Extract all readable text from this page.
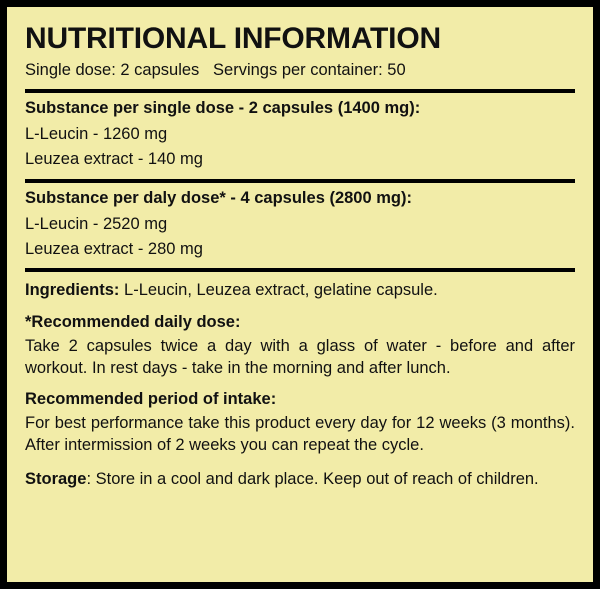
NUTRITIONAL INFORMATION
Single dose: 2 capsules   Servings per container: 50
Substance per single dose - 2 capsules (1400 mg):
L-Leucin - 1260 mg
Leuzea extract - 140 mg
Substance per daly dose* - 4 capsules (2800 mg):
L-Leucin - 2520 mg
Leuzea extract - 280 mg
Ingredients: L-Leucin, Leuzea extract, gelatine capsule.
*Recommended daily dose:
Take 2 capsules twice a day with a glass of water - before and after workout. In rest days - take in the morning and after lunch.
Recommended period of intake:
For best performance take this product every day for 12 weeks (3 months). After intermission of 2 weeks you can repeat the cycle.
Storage: Store in a cool and dark place. Keep out of reach of children.
